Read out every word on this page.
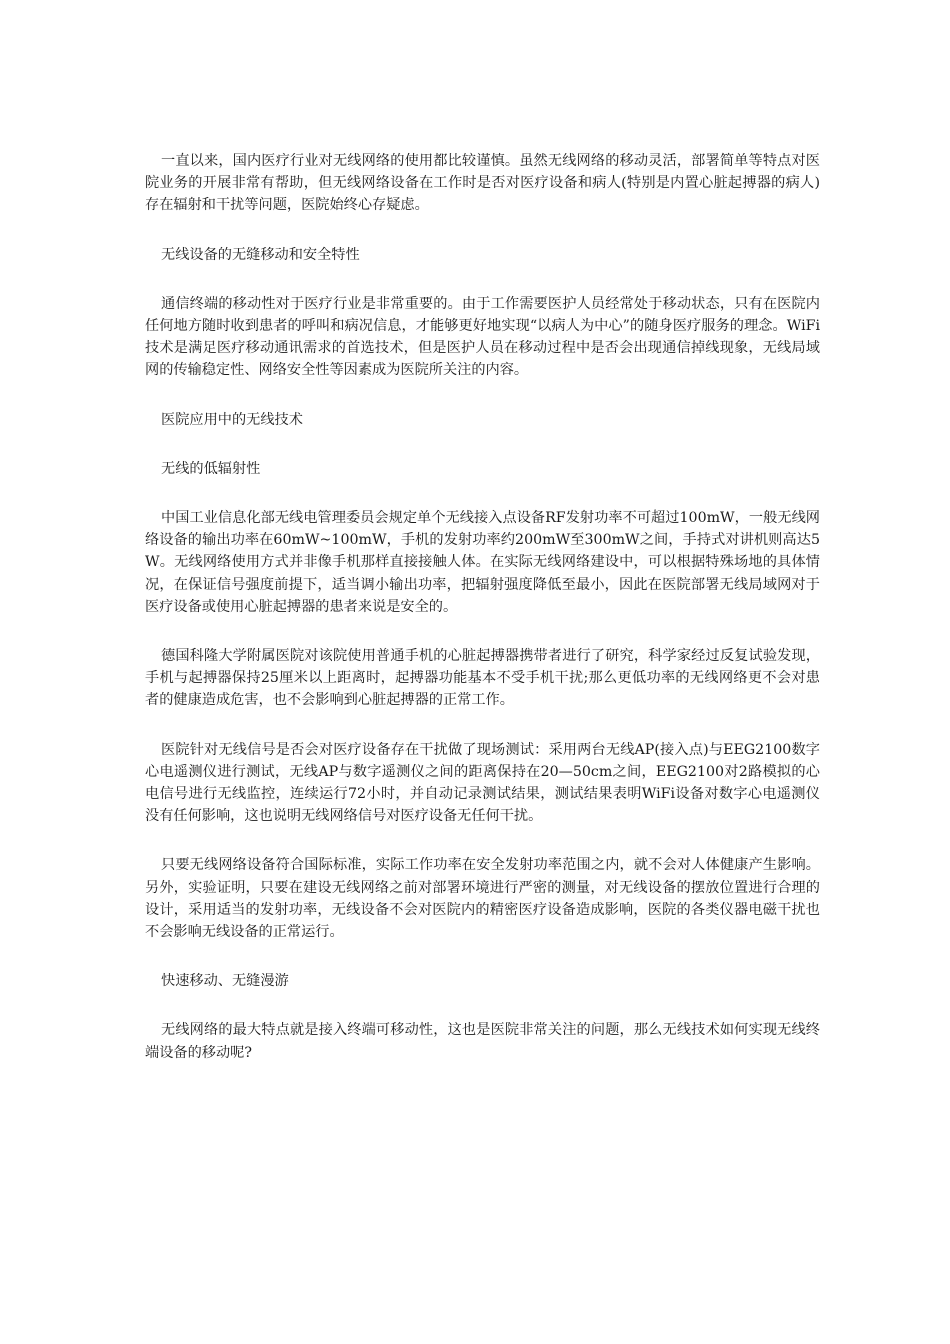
一直以来，国内医疗行业对无线网络的使用都比较谨慎。虽然无线网络的移动灵活，部署简单等特点对医院业务的开展非常有帮助，但无线网络设备在工作时是否对医疗设备和病人(特别是内置心脏起搏器的病人)存在辐射和干扰等问题，医院始终心存疑虑。

无线设备的无缝移动和安全特性

通信终端的移动性对于医疗行业是非常重要的。由于工作需要医护人员经常处于移动状态，只有在医院内任何地方随时收到患者的呼叫和病况信息，才能够更好地实现“以病人为中心”的随身医疗服务的理念。WiFi技术是满足医疗移动通讯需求的首选技术，但是医护人员在移动过程中是否会出现通信掉线现象，无线局域网的传输稳定性、网络安全性等因素成为医院所关注的内容。

医院应用中的无线技术

无线的低辐射性

中国工业信息化部无线电管理委员会规定单个无线接入点设备RF发射功率不可超过100mW，一般无线网络设备的输出功率在60mW~100mW，手机的发射功率约200mW至300mW之间，手持式对讲机则高达5W。无线网络使用方式并非像手机那样直接接触人体。在实际无线网络建设中，可以根据特殊场地的具体情况，在保证信号强度前提下，适当调小输出功率，把辐射强度降低至最小，因此在医院部署无线局域网对于医疗设备或使用心脏起搏器的患者来说是安全的。

德国科隆大学附属医院对该院使用普通手机的心脏起搏器携带者进行了研究，科学家经过反复试验发现，手机与起搏器保持25厘米以上距离时，起搏器功能基本不受手机干扰;那么更低功率的无线网络更不会对患者的健康造成危害，也不会影响到心脏起搏器的正常工作。

医院针对无线信号是否会对医疗设备存在干扰做了现场测试：采用两台无线AP(接入点)与EEG2100数字心电遥测仪进行测试，无线AP与数字遥测仪之间的距离保持在20—50cm之间，EEG2100对2路模拟的心电信号进行无线监控，连续运行72小时，并自动记录测试结果，测试结果表明WiFi设备对数字心电遥测仪没有任何影响，这也说明无线网络信号对医疗设备无任何干扰。

只要无线网络设备符合国际标准，实际工作功率在安全发射功率范围之内，就不会对人体健康产生影响。另外，实验证明，只要在建设无线网络之前对部署环境进行严密的测量，对无线设备的摆放位置进行合理的设计，采用适当的发射功率，无线设备不会对医院内的精密医疗设备造成影响，医院的各类仪器电磁干扰也不会影响无线设备的正常运行。

快速移动、无缝漫游

无线网络的最大特点就是接入终端可移动性，这也是医院非常关注的问题，那么无线技术如何实现无线终端设备的移动呢?
